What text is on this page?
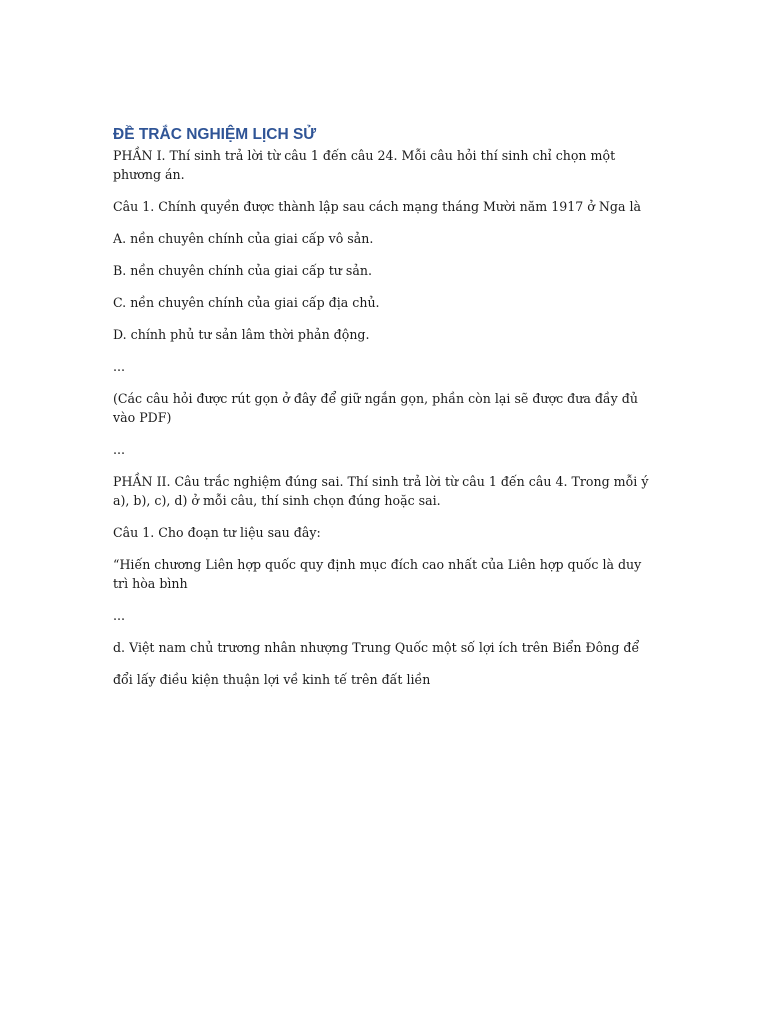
ĐỀ TRẮC NGHIỆM LỊCH SỬ

PHẦN I. Thí sinh trả lời từ câu 1 đến câu 24. Mỗi câu hỏi thí sinh chỉ chọn một phương án.

Câu 1. Chính quyền được thành lập sau cách mạng tháng Mười năm 1917 ở Nga là

A. nền chuyên chính của giai cấp vô sản.

B. nền chuyên chính của giai cấp tư sản.

C. nền chuyên chính của giai cấp địa chủ.

D. chính phủ tư sản lâm thời phản động.

...

(Các câu hỏi được rút gọn ở đây để giữ ngắn gọn, phần còn lại sẽ được đưa đầy đủ vào PDF)

...

PHẦN II. Câu trắc nghiệm đúng sai. Thí sinh trả lời từ câu 1 đến câu 4. Trong mỗi ý a), b), c), d) ở mỗi câu, thí sinh chọn đúng hoặc sai.

Câu 1. Cho đoạn tư liệu sau đây:

“Hiến chương Liên hợp quốc quy định mục đích cao nhất của Liên hợp quốc là duy trì hòa bình

...

d. Việt nam chủ trương nhân nhượng Trung Quốc một số lợi ích trên Biển Đông để

đổi lấy điều kiện thuận lợi về kinh tế trên đất liền
